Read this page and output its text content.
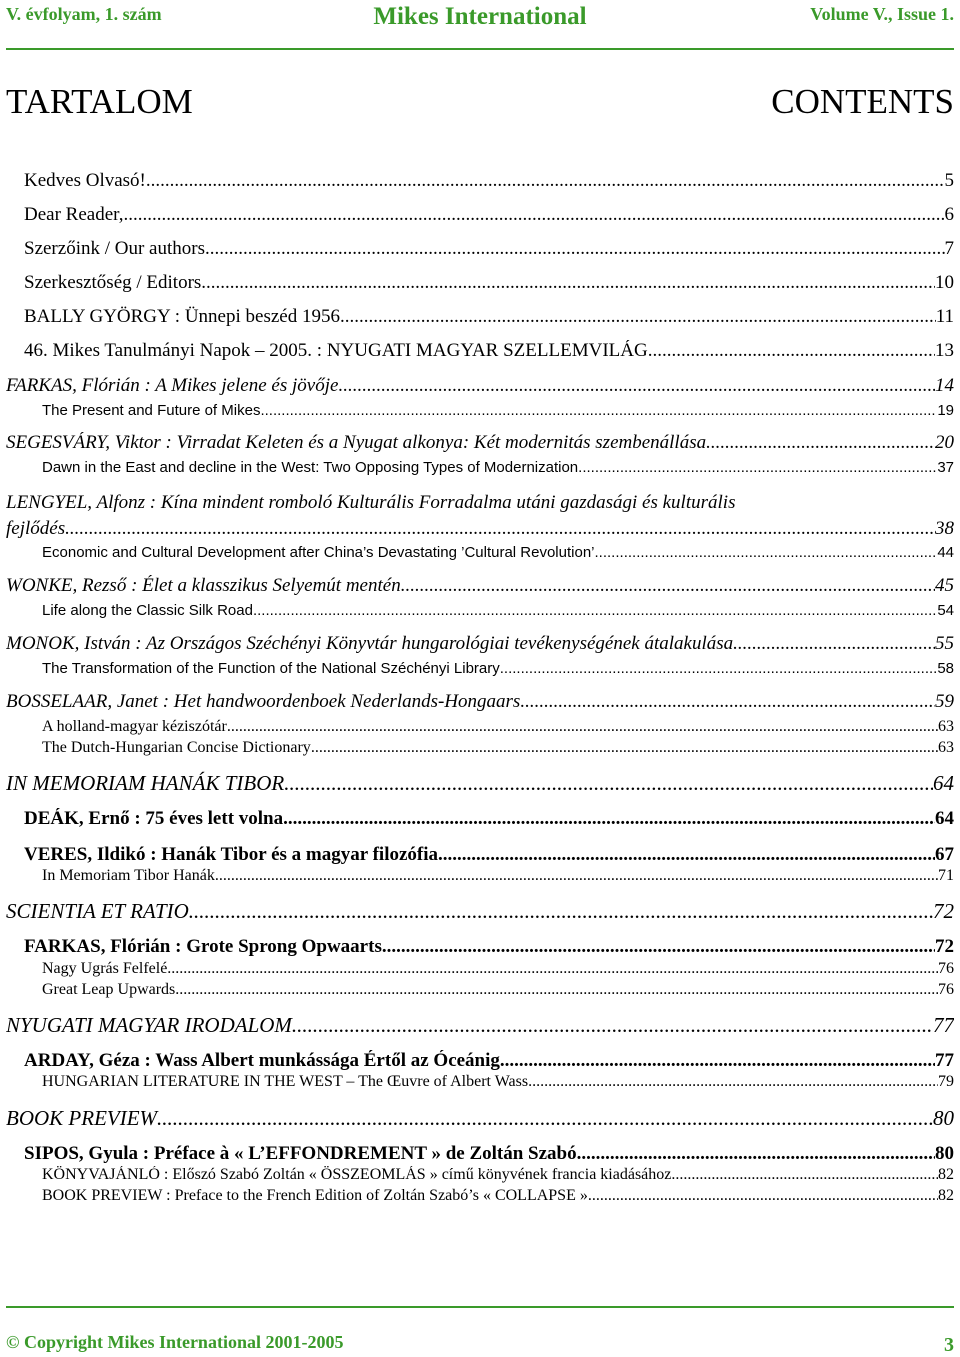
V. évfolyam, 1. szám	Mikes International	Volume V., Issue 1.
TARTALOM	CONTENTS
Kedves Olvasó! .....	5
Dear Reader, .....	6
Szerzőink / Our authors .....	7
Szerkesztőség / Editors .....	10
BALLY GYÖRGY : Ünnepi beszéd 1956. .....	11
46. Mikes Tanulmányi Napok – 2005. : NYUGATI MAGYAR SZELLEMVILÁG .....	13
FARKAS, Flórián : A Mikes jelene és jövője .....	14
The Present and Future of Mikes .....	19
SEGESVÁRY, Viktor : Virradat Keleten és a Nyugat alkonya: Két modernitás szembenállása .....	20
Dawn in the East and decline in the West: Two Opposing Types of Modernization .....	37
LENGYEL, Alfonz : Kína mindent romboló Kulturális Forradalma utáni gazdasági és kulturális
fejlődés .....	38
Economic and Cultural Development after China’s Devastating ’Cultural Revolution’ .....	44
WONKE, Rezső : Élet a klasszikus Selyemút mentén .....	45
Life along the Classic Silk Road .....	54
MONOK, István : Az Országos Széchényi Könyvtár hungarológiai tevékenységének átalakulása .....	55
The Transformation of the Function of the National Széchényi Library .....	58
BOSSELAAR, Janet : Het handwoordenboek Nederlands-Hongaars .....	59
A holland-magyar kéziszótár .....	63
The Dutch-Hungarian Concise Dictionary .....	63
IN MEMORIAM HANÁK TIBOR .....	64
DEÁK, Ernő : 75 éves lett volna .....	64
VERES, Ildikó : Hanák Tibor és a magyar filozófia .....	67
In Memoriam Tibor Hanák .....	71
SCIENTIA ET RATIO .....	72
FARKAS, Flórián : Grote Sprong Opwaarts .....	72
Nagy Ugrás Felfelé .....	76
Great Leap Upwards .....	76
NYUGATI MAGYAR IRODALOM .....	77
ARDAY, Géza : Wass Albert munkássága Értől az Óceánig .....	77
HUNGARIAN LITERATURE IN THE WEST – The Œuvre of Albert Wass .....	79
BOOK PREVIEW .....	80
SIPOS, Gyula : Préface à « L’EFFONDREMENT » de Zoltán Szabó .....	80
KÖNYVAJÁNLÓ : Előszó Szabó Zoltán « ÖSSZEOMLÁS » című könyvének francia kiadásához .....	82
BOOK PREVIEW : Preface to the French Edition of Zoltán Szabó’s « COLLAPSE » .....	82
© Copyright Mikes International 2001-2005	3
